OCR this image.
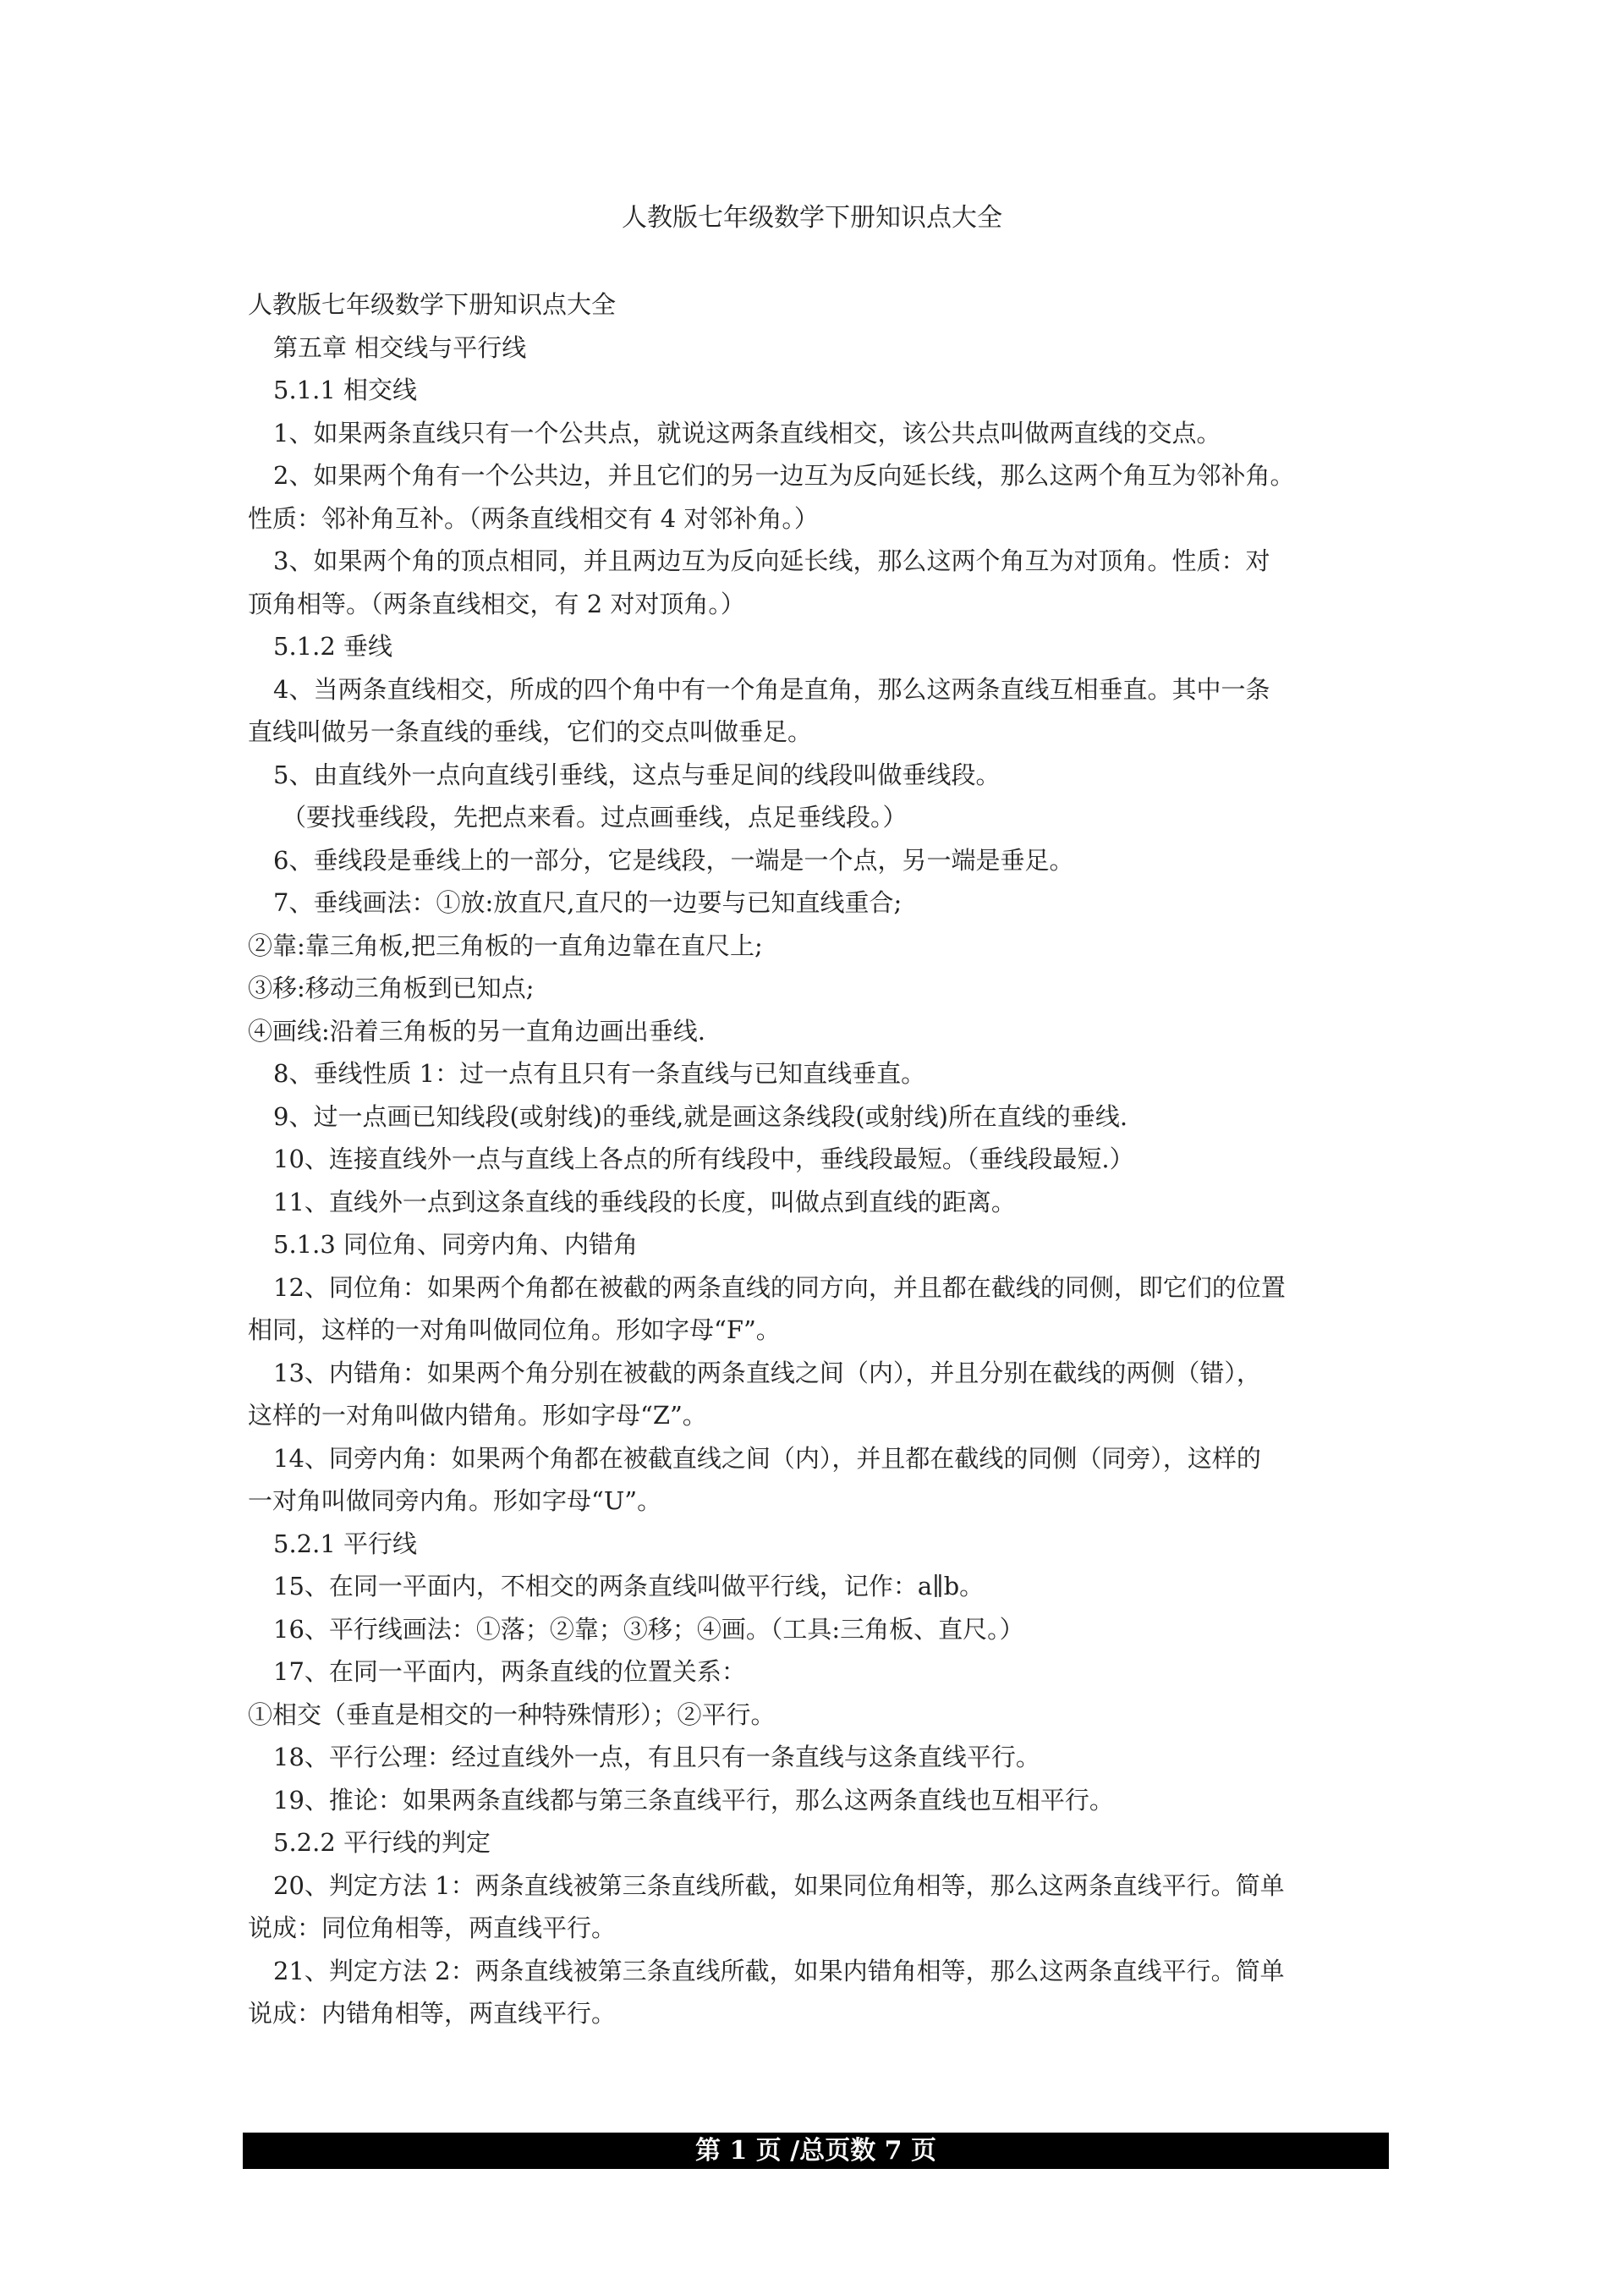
人教版七年级数学下册知识点大全

人教版七年级数学下册知识点大全

第五章 相交线与平行线

5.1.1 相交线

1、如果两条直线只有一个公共点，就说这两条直线相交，该公共点叫做两直线的交点。

2、如果两个角有一个公共边，并且它们的另一边互为反向延长线，那么这两个角互为邻补角。

性质：邻补角互补。（两条直线相交有 4 对邻补角。）

3、如果两个角的顶点相同，并且两边互为反向延长线，那么这两个角互为对顶角。性质：对

顶角相等。（两条直线相交，有 2 对对顶角。）

5.1.2 垂线

4、当两条直线相交，所成的四个角中有一个角是直角，那么这两条直线互相垂直。其中一条

直线叫做另一条直线的垂线，它们的交点叫做垂足。

5、由直线外一点向直线引垂线，这点与垂足间的线段叫做垂线段。

（要找垂线段，先把点来看。过点画垂线，点足垂线段。）

6、垂线段是垂线上的一部分，它是线段，一端是一个点，另一端是垂足。

7、垂线画法：①放:放直尺,直尺的一边要与已知直线重合;

②靠:靠三角板,把三角板的一直角边靠在直尺上;

③移:移动三角板到已知点;

④画线:沿着三角板的另一直角边画出垂线.

8、垂线性质 1：过一点有且只有一条直线与已知直线垂直。

9、过一点画已知线段(或射线)的垂线,就是画这条线段(或射线)所在直线的垂线.

10、连接直线外一点与直线上各点的所有线段中，垂线段最短。（垂线段最短.）

11、直线外一点到这条直线的垂线段的长度，叫做点到直线的距离。

5.1.3 同位角、同旁内角、内错角

12、同位角：如果两个角都在被截的两条直线的同方向，并且都在截线的同侧，即它们的位置

相同，这样的一对角叫做同位角。形如字母“F”。

13、内错角：如果两个角分别在被截的两条直线之间（内），并且分别在截线的两侧（错），

这样的一对角叫做内错角。形如字母“Z”。

14、同旁内角：如果两个角都在被截直线之间（内），并且都在截线的同侧（同旁），这样的

一对角叫做同旁内角。形如字母“U”。

5.2.1 平行线

15、在同一平面内，不相交的两条直线叫做平行线，记作：a∥b。

16、平行线画法：①落；②靠；③移；④画。（工具:三角板、直尺。）

17、在同一平面内，两条直线的位置关系：

①相交（垂直是相交的一种特殊情形）；②平行。

18、平行公理：经过直线外一点，有且只有一条直线与这条直线平行。

19、推论：如果两条直线都与第三条直线平行，那么这两条直线也互相平行。

5.2.2 平行线的判定

20、判定方法 1：两条直线被第三条直线所截，如果同位角相等，那么这两条直线平行。简单

说成：同位角相等，两直线平行。

21、判定方法 2：两条直线被第三条直线所截，如果内错角相等，那么这两条直线平行。简单

说成：内错角相等，两直线平行。

第 1 页 /总页数 7 页
